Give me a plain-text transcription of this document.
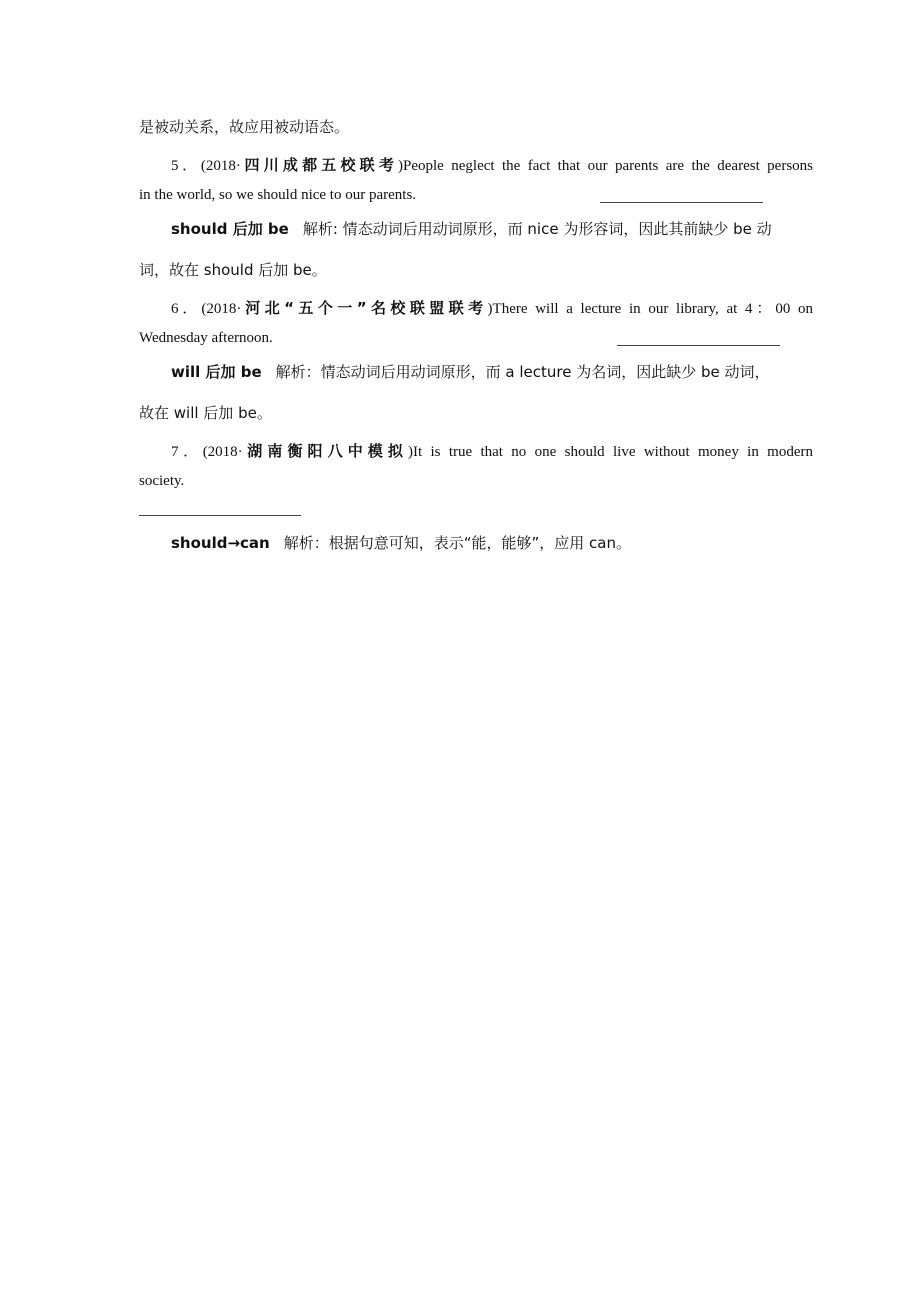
是被动关系，故应用被动语态。
5．(2018·四川成都五校联考)People neglect the fact that our parents are the dearest persons
in the world, so we should nice to our parents.
should 后加 be 解析: 情态动词后用动词原形，而 nice 为形容词，因此其前缺少 be 动
词，故在 should 后加 be。
6．(2018·河北“五个一”名校联盟联考)There will a lecture in our library, at 4：00 on
Wednesday afternoon.
will 后加 be 解析：情态动词后用动词原形，而 a lecture 为名词，因此缺少 be 动词，
故在 will 后加 be。
7．(2018·湖南衡阳八中模拟)It is true that no one should live without money in modern
society.
should→can 解析：根据句意可知，表示“能，能够”，应用 can。
